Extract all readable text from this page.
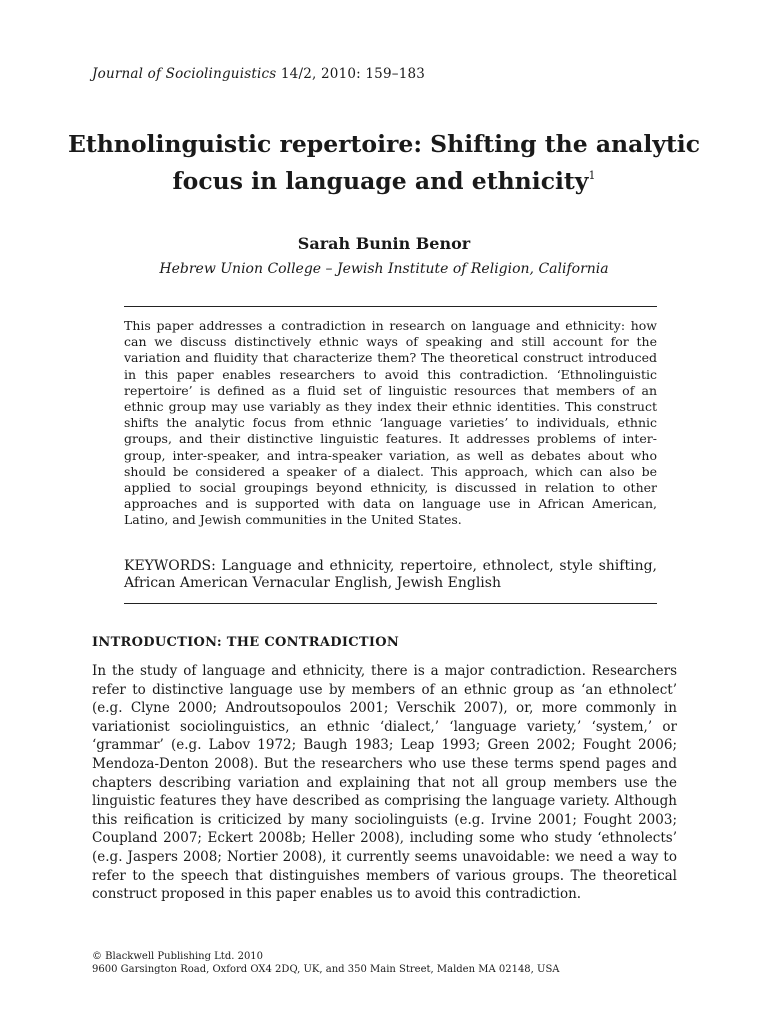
Journal of Sociolinguistics 14/2, 2010: 159–183
Ethnolinguistic repertoire: Shifting the analytic focus in language and ethnicity$^1$
Sarah Bunin Benor
Hebrew Union College – Jewish Institute of Religion, California
This paper addresses a contradiction in research on language and ethnicity: how can we discuss distinctively ethnic ways of speaking and still account for the variation and fluidity that characterize them? The theoretical construct introduced in this paper enables researchers to avoid this contradiction. ‘Ethnolinguistic repertoire’ is defined as a fluid set of linguistic resources that members of an ethnic group may use variably as they index their ethnic identities. This construct shifts the analytic focus from ethnic ‘language varieties’ to individuals, ethnic groups, and their distinctive linguistic features. It addresses problems of inter-group, inter-speaker, and intra-speaker variation, as well as debates about who should be considered a speaker of a dialect. This approach, which can also be applied to social groupings beyond ethnicity, is discussed in relation to other approaches and is supported with data on language use in African American, Latino, and Jewish communities in the United States.
KEYWORDS: Language and ethnicity, repertoire, ethnolect, style shifting, African American Vernacular English, Jewish English
INTRODUCTION: THE CONTRADICTION
In the study of language and ethnicity, there is a major contradiction. Researchers refer to distinctive language use by members of an ethnic group as ‘an ethnolect’ (e.g. Clyne 2000; Androutsopoulos 2001; Verschik 2007), or, more commonly in variationist sociolinguistics, an ethnic ‘dialect,’ ‘language variety,’ ‘system,’ or ‘grammar’ (e.g. Labov 1972; Baugh 1983; Leap 1993; Green 2002; Fought 2006; Mendoza-Denton 2008). But the researchers who use these terms spend pages and chapters describing variation and explaining that not all group members use the linguistic features they have described as comprising the language variety. Although this reification is criticized by many sociolinguists (e.g. Irvine 2001; Fought 2003; Coupland 2007; Eckert 2008b; Heller 2008), including some who study ‘ethnolects’ (e.g. Jaspers 2008; Nortier 2008), it currently seems unavoidable: we need a way to refer to the speech that distinguishes members of various groups. The theoretical construct proposed in this paper enables us to avoid this contradiction.
© Blackwell Publishing Ltd. 2010
9600 Garsington Road, Oxford OX4 2DQ, UK, and 350 Main Street, Malden MA 02148, USA
